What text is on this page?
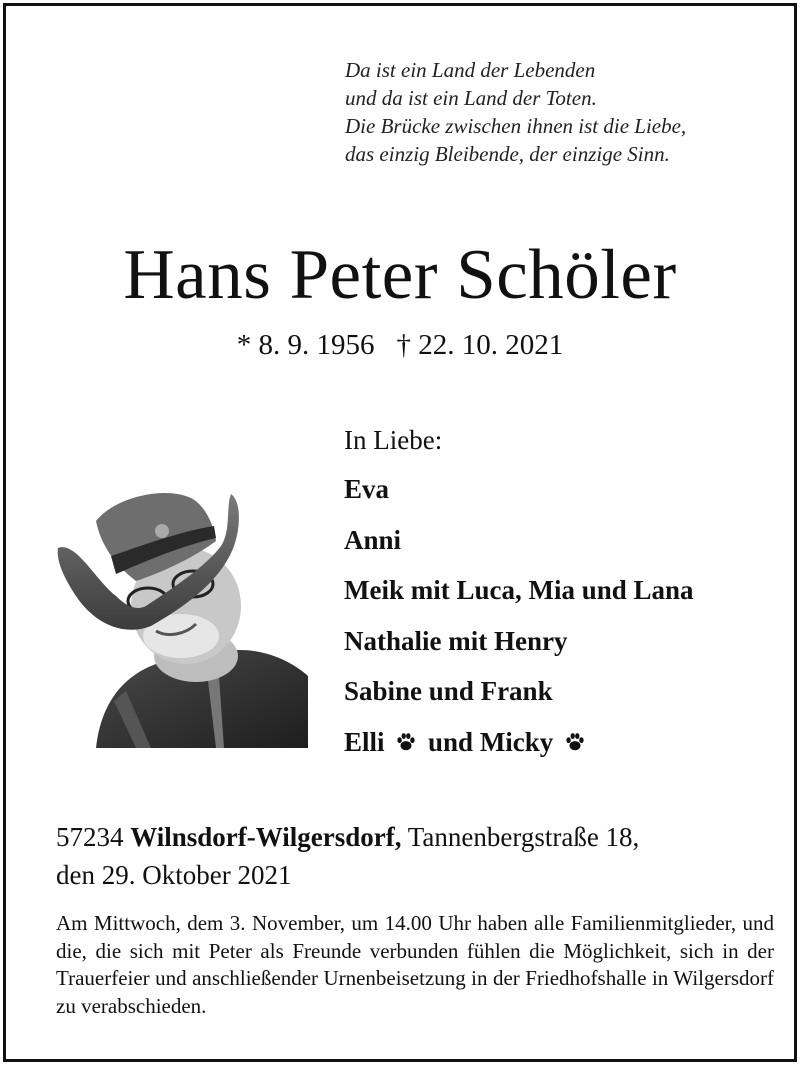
Da ist ein Land der Lebenden
und da ist ein Land der Toten.
Die Brücke zwischen ihnen ist die Liebe,
das einzig Bleibende, der einzige Sinn.
Hans Peter Schöler
* 8. 9. 1956 † 22. 10. 2021
In Liebe:
Eva
Anni
Meik mit Luca, Mia und Lana
Nathalie mit Henry
Sabine und Frank
Elli und Micky
57234 Wilnsdorf-Wilgersdorf, Tannenbergstraße 18,
den 29. Oktober 2021
Am Mittwoch, dem 3. November, um 14.00 Uhr haben alle Familienmitglieder, und die, die sich mit Peter als Freunde verbunden fühlen die Möglichkeit, sich in der Trauerfeier und anschließender Urnenbeisetzung in der Friedhofshalle in Wilgersdorf zu verabschieden.
